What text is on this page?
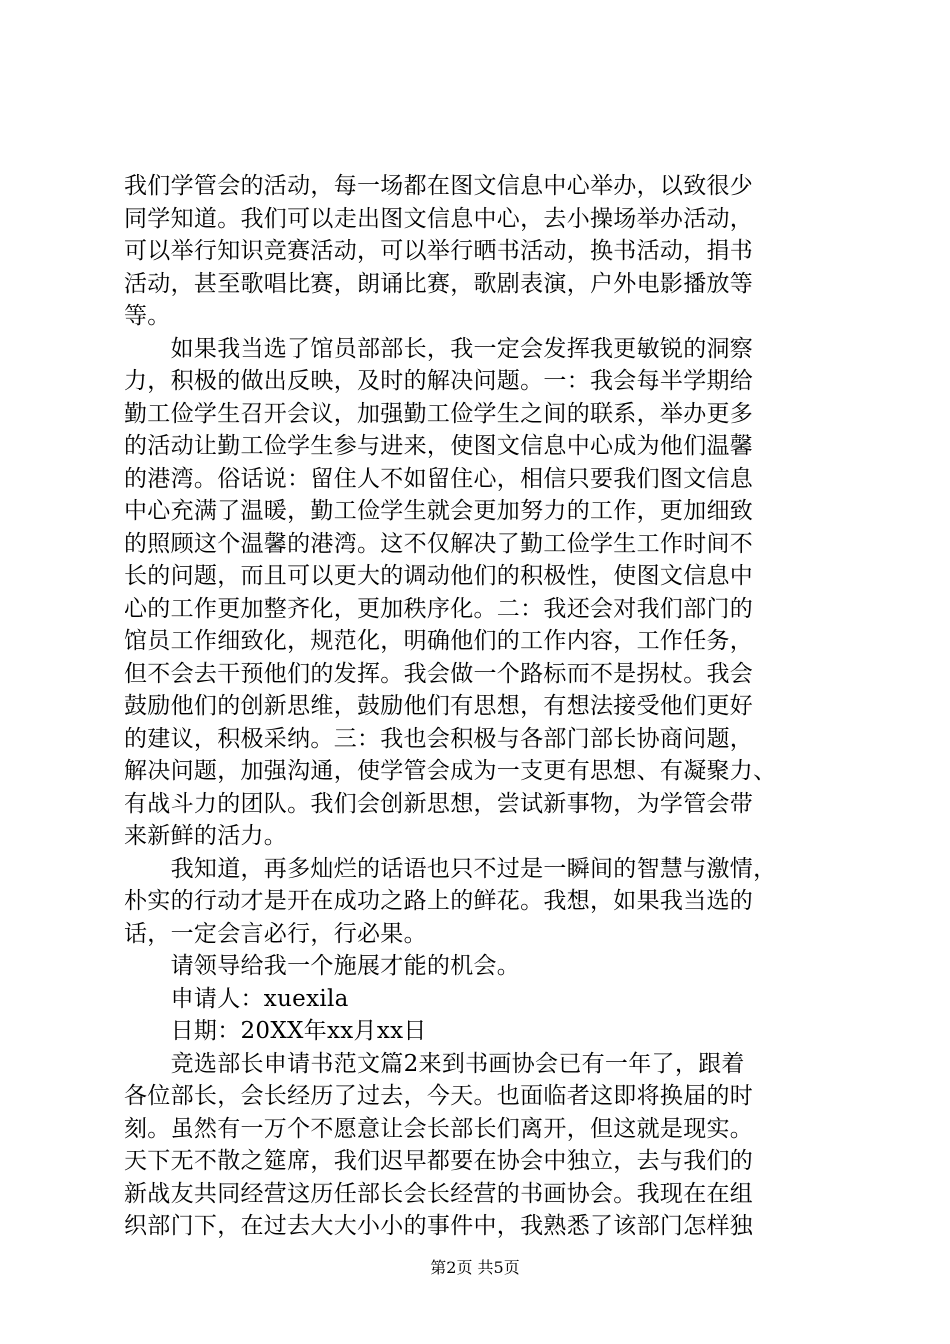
我们学管会的活动，每一场都在图文信息中心举办，以致很少
同学知道。我们可以走出图文信息中心，去小操场举办活动，
可以举行知识竞赛活动，可以举行晒书活动，换书活动，捐书
活动，甚至歌唱比赛，朗诵比赛，歌剧表演，户外电影播放等
等。
　　如果我当选了馆员部部长，我一定会发挥我更敏锐的洞察
力，积极的做出反映，及时的解决问题。一：我会每半学期给
勤工俭学生召开会议，加强勤工俭学生之间的联系，举办更多
的活动让勤工俭学生参与进来，使图文信息中心成为他们温馨
的港湾。俗话说：留住人不如留住心，相信只要我们图文信息
中心充满了温暖，勤工俭学生就会更加努力的工作，更加细致
的照顾这个温馨的港湾。这不仅解决了勤工俭学生工作时间不
长的问题，而且可以更大的调动他们的积极性，使图文信息中
心的工作更加整齐化，更加秩序化。二：我还会对我们部门的
馆员工作细致化，规范化，明确他们的工作内容，工作任务，
但不会去干预他们的发挥。我会做一个路标而不是拐杖。我会
鼓励他们的创新思维，鼓励他们有思想，有想法接受他们更好
的建议，积极采纳。三：我也会积极与各部门部长协商问题，
解决问题，加强沟通，使学管会成为一支更有思想、有凝聚力、
有战斗力的团队。我们会创新思想，尝试新事物，为学管会带
来新鲜的活力。
　　我知道，再多灿烂的话语也只不过是一瞬间的智慧与激情，
朴实的行动才是开在成功之路上的鲜花。我想，如果我当选的
话，一定会言必行，行必果。
　　请领导给我一个施展才能的机会。
　　申请人：xuexila
　　日期：20XX年xx月xx日
　　竞选部长申请书范文篇2来到书画协会已有一年了，跟着
各位部长，会长经历了过去，今天。也面临者这即将换届的时
刻。虽然有一万个不愿意让会长部长们离开，但这就是现实。
天下无不散之筵席，我们迟早都要在协会中独立，去与我们的
新战友共同经营这历任部长会长经营的书画协会。我现在在组
织部门下，在过去大大小小的事件中，我熟悉了该部门怎样独
第2页 共5页
